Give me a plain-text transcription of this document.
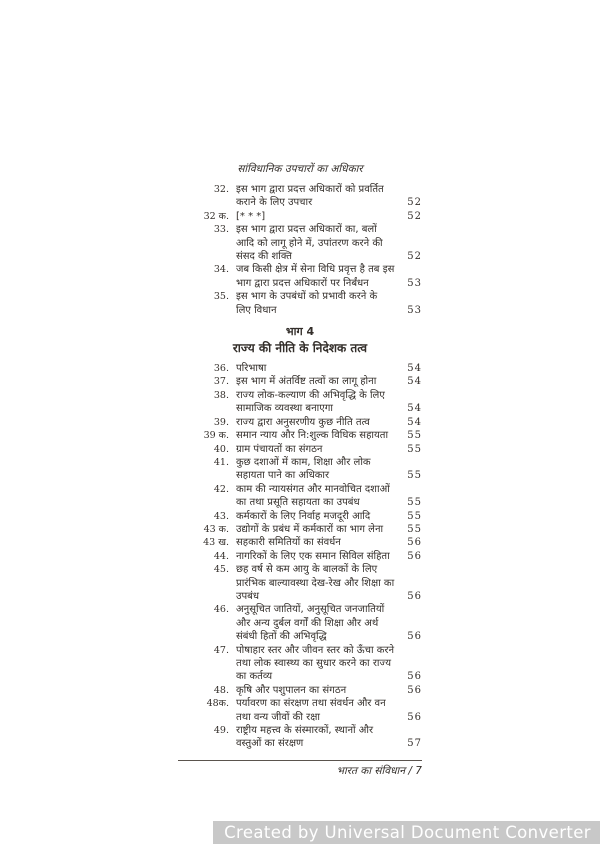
सांविधानिक उपचारों का अधिकार
32. इस भाग द्वारा प्रदत्त अधिकारों को प्रवर्तित कराने के लिए उपचार	52
32 क. [* * *]	52
33. इस भाग द्वारा प्रदत्त अधिकारों का, बलों आदि को लागू होने में, उपांतरण करने की संसद की शक्ति	52
34. जब किसी क्षेत्र में सेना विधि प्रवृत्त है तब इस भाग द्वारा प्रदत्त अधिकारों पर निर्बंधन	53
35. इस भाग के उपबंधों को प्रभावी करने के लिए विधान	53
भाग 4
राज्य की नीति के निदेशक तत्व
36. परिभाषा	54
37. इस भाग में अंतर्विष्ट तत्वों का लागू होना	54
38. राज्य लोक-कल्याण की अभिवृद्धि के लिए सामाजिक व्यवस्था बनाएगा	54
39. राज्य द्वारा अनुसरणीय कुछ नीति तत्व	54
39 क. समान न्याय और नि:शुल्क विधिक सहायता	55
40. ग्राम पंचायतों का संगठन	55
41. कुछ दशाओं में काम, शिक्षा और लोक सहायता पाने का अधिकार	55
42. काम की न्यायसंगत और मानवोचित दशाओं का तथा प्रसूति सहायता का उपबंध	55
43. कर्मकारों के लिए निर्वाह मजदूरी आदि	55
43 क. उद्योगों के प्रबंध में कर्मकारों का भाग लेना	55
43 ख. सहकारी समितियों का संवर्धन	56
44. नागरिकों के लिए एक समान सिविल संहिता	56
45. छह वर्ष से कम आयु के बालकों के लिए प्रारंभिक बाल्यावस्था देख-रेख और शिक्षा का उपबंध	56
46. अनुसूचित जातियों, अनुसूचित जनजातियों और अन्य दुर्बल वर्गों की शिक्षा और अर्थ संबंधी हितों की अभिवृद्धि	56
47. पोषाहार स्तर और जीवन स्तर को ऊँचा करने तथा लोक स्वास्थ्य का सुधार करने का राज्य का कर्तव्य	56
48. कृषि और पशुपालन का संगठन	56
48क. पर्यावरण का संरक्षण तथा संवर्धन और वन तथा वन्य जीवों की रक्षा	56
49. राष्ट्रीय महत्त्व के संस्मारकों, स्थानों और वस्तुओं का संरक्षण	57
भारत का संविधान / 7
Created by Universal Document Converter
